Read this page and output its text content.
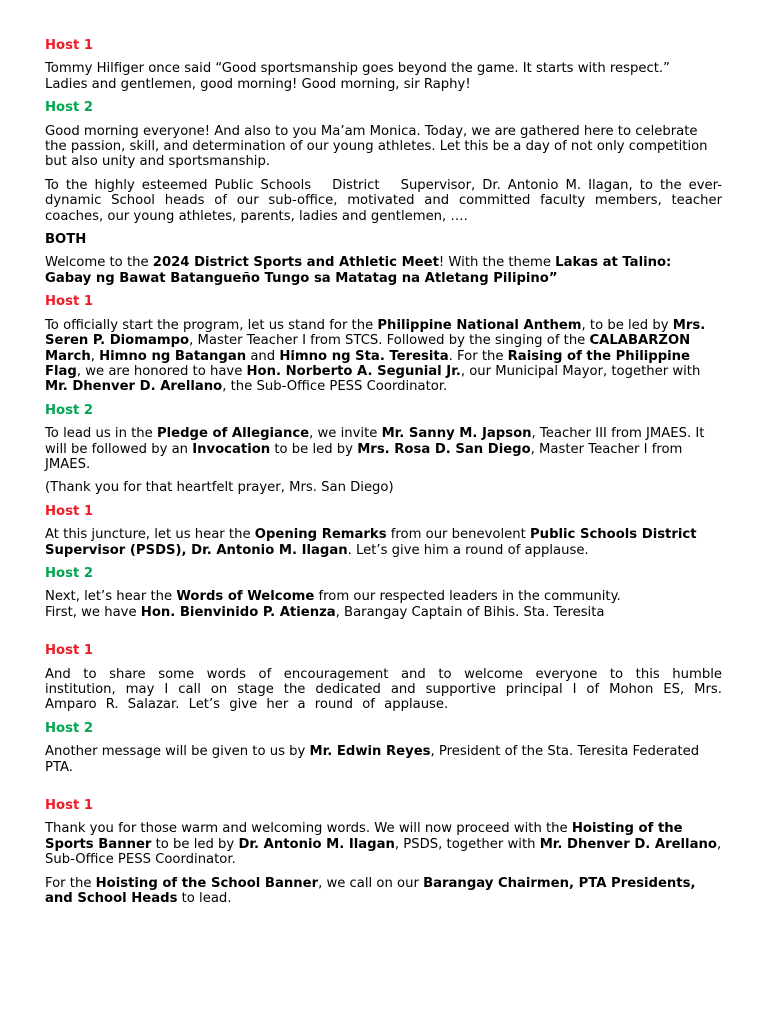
Host 1
Tommy Hilfiger once said “Good sportsmanship goes beyond the game. It starts with respect.”
Ladies and gentlemen, good morning! Good morning, sir Raphy!
Host 2
Good morning everyone! And also to you Ma’am Monica. Today, we are gathered here to celebrate the passion, skill, and determination of our young athletes. Let this be a day of not only competition but also unity and sportsmanship.
To the highly esteemed Public Schools   District   Supervisor, Dr. Antonio M. Ilagan, to the ever-dynamic School heads of our sub-office, motivated and committed faculty members, teacher coaches, our young athletes, parents, ladies and gentlemen, ….
BOTH
Welcome to the 2024 District Sports and Athletic Meet! With the theme Lakas at Talino: Gabay ng Bawat Batangueño Tungo sa Matatag na Atletang Pilipino”
Host 1
To officially start the program, let us stand for the Philippine National Anthem, to be led by Mrs. Seren P. Diomampo, Master Teacher I from STCS. Followed by the singing of the CALABARZON March, Himno ng Batangan and Himno ng Sta. Teresita. For the Raising of the Philippine Flag, we are honored to have Hon. Norberto A. Segunial Jr., our Municipal Mayor, together with Mr. Dhenver D. Arellano, the Sub-Office PESS Coordinator.
Host 2
To lead us in the Pledge of Allegiance, we invite Mr. Sanny M. Japson, Teacher III from JMAES. It will be followed by an Invocation to be led by Mrs. Rosa D. San Diego, Master Teacher I from JMAES.
(Thank you for that heartfelt prayer, Mrs. San Diego)
Host 1
At this juncture, let us hear the Opening Remarks from our benevolent Public Schools District Supervisor (PSDS), Dr. Antonio M. Ilagan. Let’s give him a round of applause.
Host 2
Next, let’s hear the Words of Welcome from our respected leaders in the community.
First, we have Hon. Bienvinido P. Atienza, Barangay Captain of Bihis. Sta. Teresita
Host 1
And to share some words of encouragement and to welcome everyone to this humble institution, may I call on stage the dedicated and supportive principal I of Mohon ES, Mrs. Amparo R. Salazar. Let’s give her a round of applause.
Host 2
Another message will be given to us by Mr. Edwin Reyes, President of the Sta. Teresita Federated PTA.
Host 1
Thank you for those warm and welcoming words. We will now proceed with the Hoisting of the Sports Banner to be led by Dr. Antonio M. Ilagan, PSDS, together with Mr. Dhenver D. Arellano, Sub-Office PESS Coordinator.
For the Hoisting of the School Banner, we call on our Barangay Chairmen, PTA Presidents, and School Heads to lead.
